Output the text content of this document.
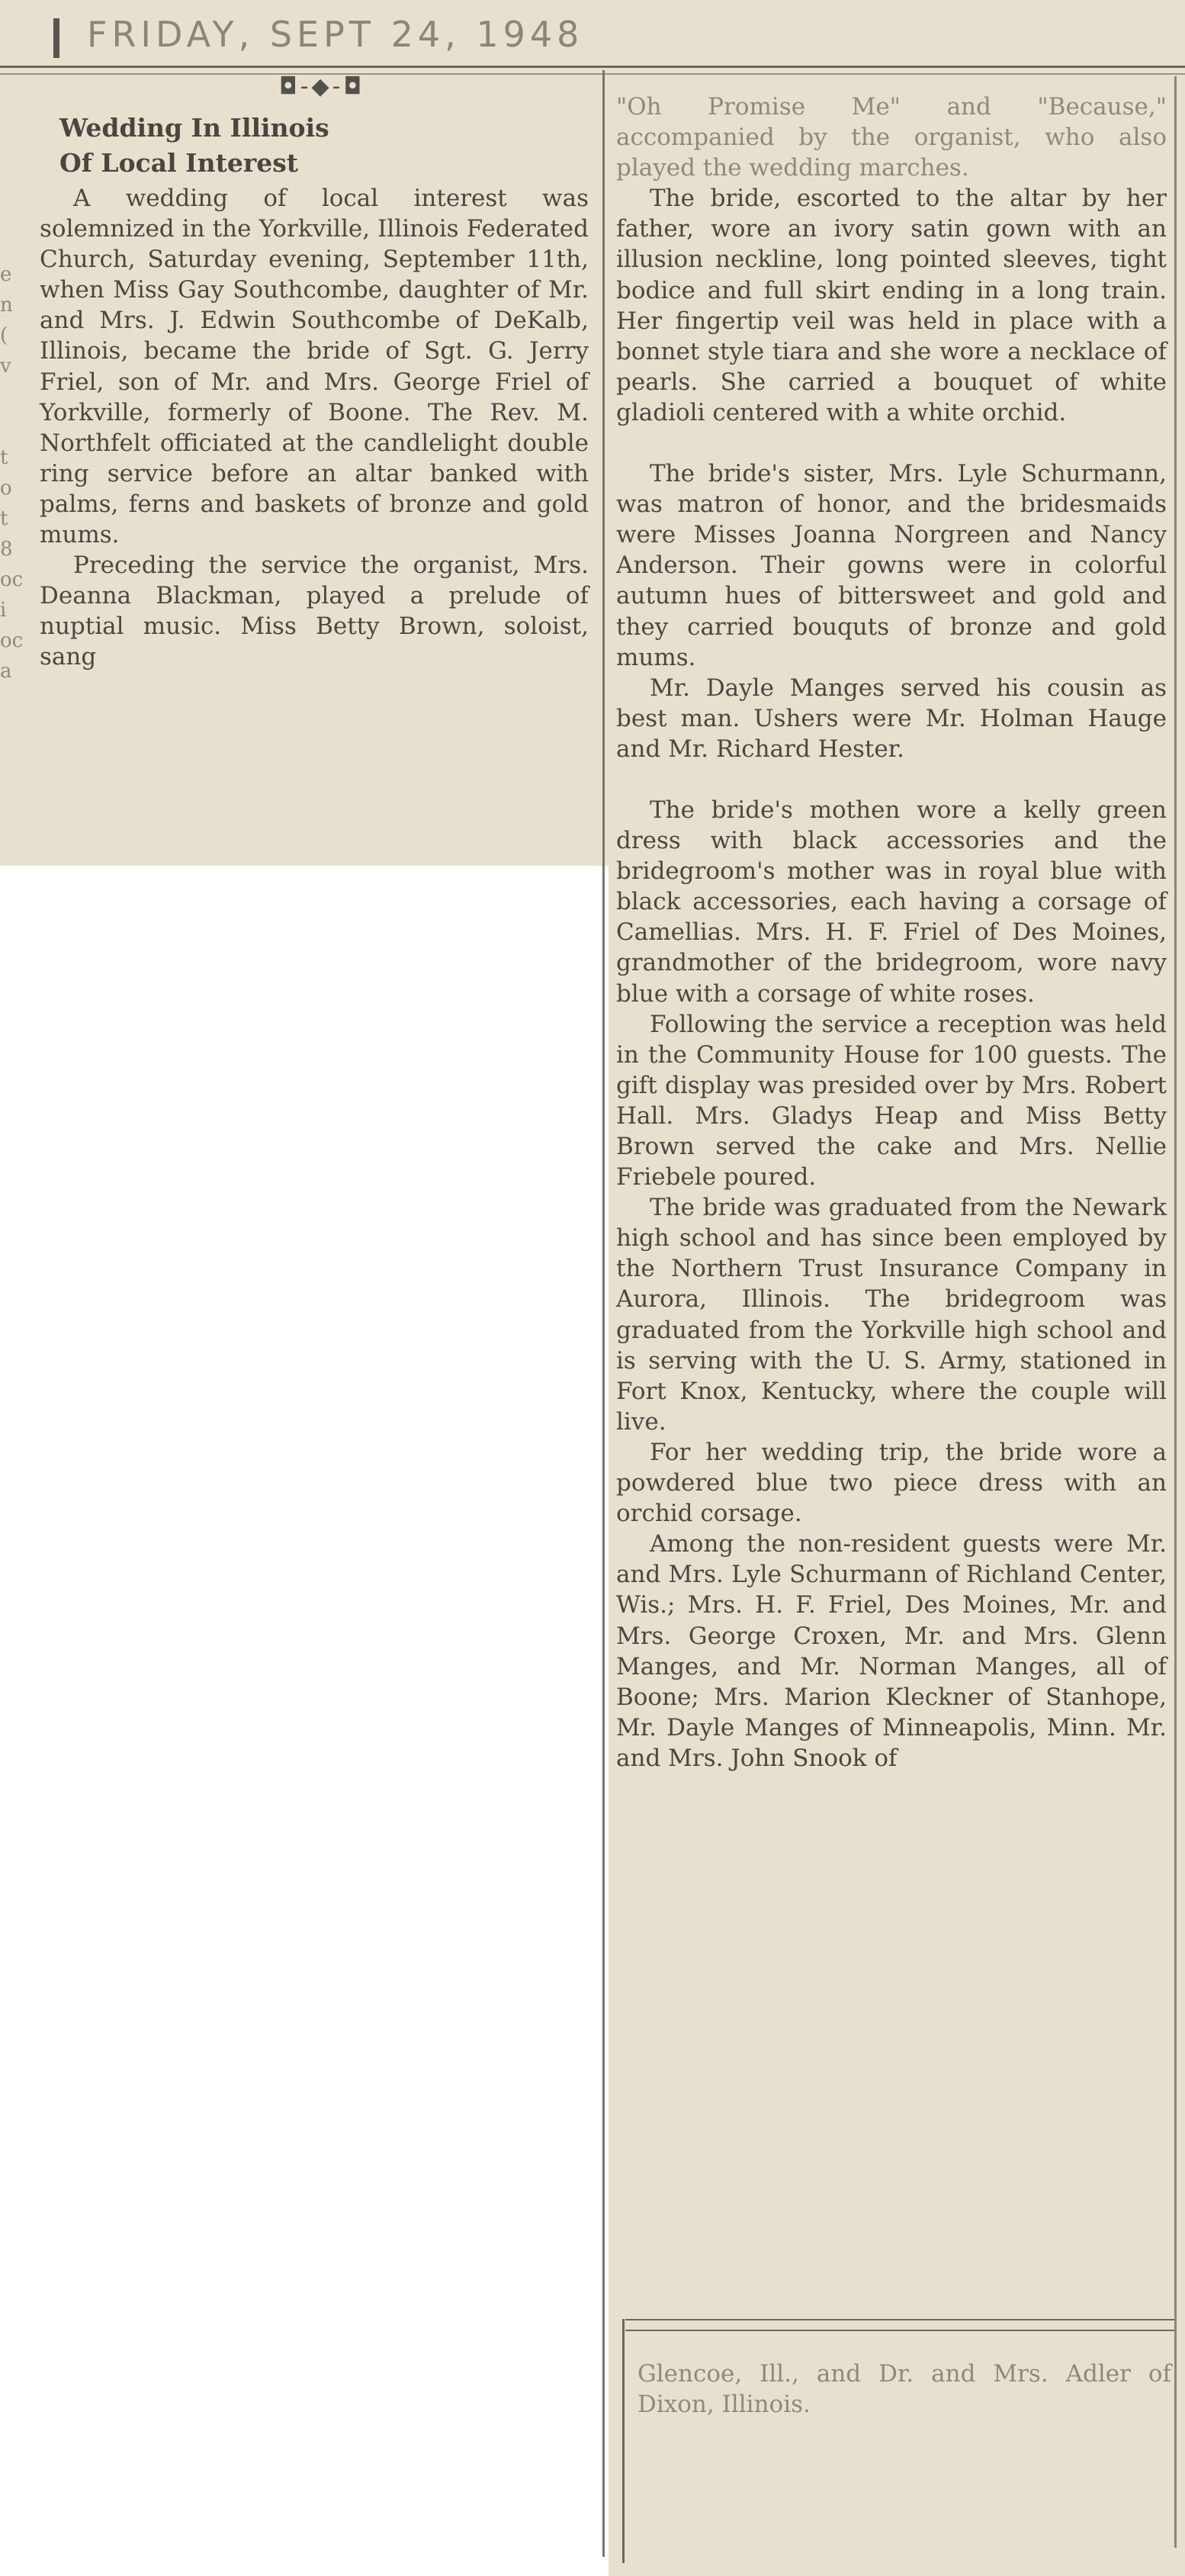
FRIDAY, SEPT 24, 1948

◘-◆-◘
Wedding In Illinois
Of Local Interest
e
n
(
v

t
o
t
8
oc
i
oc
a

A wedding of local interest was solemnized in the Yorkville, Illinois Federated Church, Saturday evening, September 11th, when Miss Gay Southcombe, daughter of Mr. and Mrs. J. Edwin Southcombe of DeKalb, Illinois, became the bride of Sgt. G. Jerry Friel, son of Mr. and Mrs. George Friel of Yorkville, formerly of Boone. The Rev. M. Northfelt officiated at the candlelight double ring service before an altar banked with palms, ferns and baskets of bronze and gold mums.

Preceding the service the organist, Mrs. Deanna Blackman, played a prelude of nuptial music. Miss Betty Brown, soloist, sang

"Oh Promise Me" and "Because," accompanied by the organist, who also played the wedding marches.

The bride, escorted to the altar by her father, wore an ivory satin gown with an illusion neckline, long pointed sleeves, tight bodice and full skirt ending in a long train. Her fingertip veil was held in place with a bonnet style tiara and she wore a necklace of pearls. She carried a bouquet of white gladioli centered with a white orchid.

The bride's sister, Mrs. Lyle Schurmann, was matron of honor, and the bridesmaids were Misses Joanna Norgreen and Nancy Anderson. Their gowns were in colorful autumn hues of bittersweet and gold and they carried bouquts of bronze and gold mums.

Mr. Dayle Manges served his cousin as best man. Ushers were Mr. Holman Hauge and Mr. Richard Hester.

The bride's mothen wore a kelly green dress with black accessories and the bridegroom's mother was in royal blue with black accessories, each having a corsage of Camellias. Mrs. H. F. Friel of Des Moines, grandmother of the bridegroom, wore navy blue with a corsage of white roses.

Following the service a reception was held in the Community House for 100 guests. The gift display was presided over by Mrs. Robert Hall. Mrs. Gladys Heap and Miss Betty Brown served the cake and Mrs. Nellie Friebele poured.

The bride was graduated from the Newark high school and has since been employed by the Northern Trust Insurance Company in Aurora, Illinois. The bridegroom was graduated from the Yorkville high school and is serving with the U. S. Army, stationed in Fort Knox, Kentucky, where the couple will live.

For her wedding trip, the bride wore a powdered blue two piece dress with an orchid corsage.

Among the non-resident guests were Mr. and Mrs. Lyle Schurmann of Richland Center, Wis.; Mrs. H. F. Friel, Des Moines, Mr. and Mrs. George Croxen, Mr. and Mrs. Glenn Manges, and Mr. Norman Manges, all of Boone; Mrs. Marion Kleckner of Stanhope, Mr. Dayle Manges of Minneapolis, Minn. Mr. and Mrs. John Snook of

Glencoe, Ill., and Dr. and Mrs. Adler of Dixon, Illinois.
